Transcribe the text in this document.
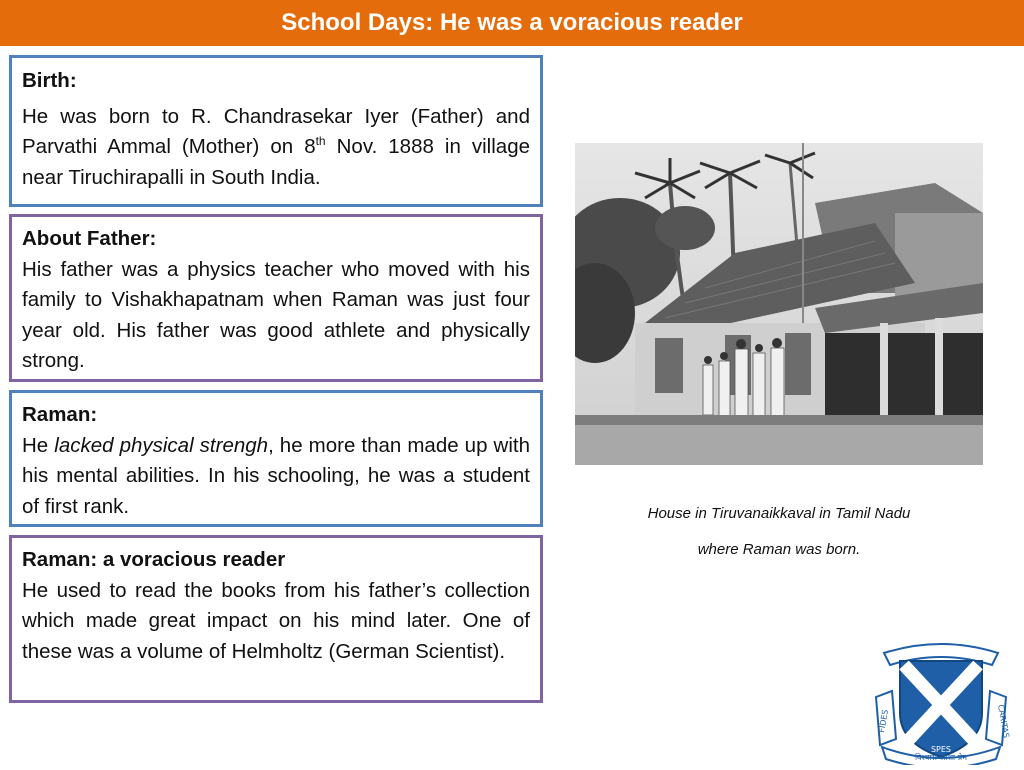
School Days: He was a voracious reader
Birth:
He was born to R. Chandrasekar Iyer (Father) and Parvathi Ammal (Mother) on 8th Nov. 1888 in village near Tiruchirapalli in South India.
About Father:
His father was a physics teacher who moved with his family to Vishakhapatnam when Raman was just four year old. His father was good athlete and physically strong.
Raman:
He lacked physical strengh, he more than made up with his mental abilities. In his schooling, he was a student of first rank.
Raman: a voracious reader
He used to read the books from his father’s collection which made great impact on his mind later. One of these was a volume of Helmholtz (German Scientist).
House in Tiruvanaikkaval in Tamil Nadu
where Raman was born.
FIDES
SPES
CARITAS
विश्वास आशा प्रेम
